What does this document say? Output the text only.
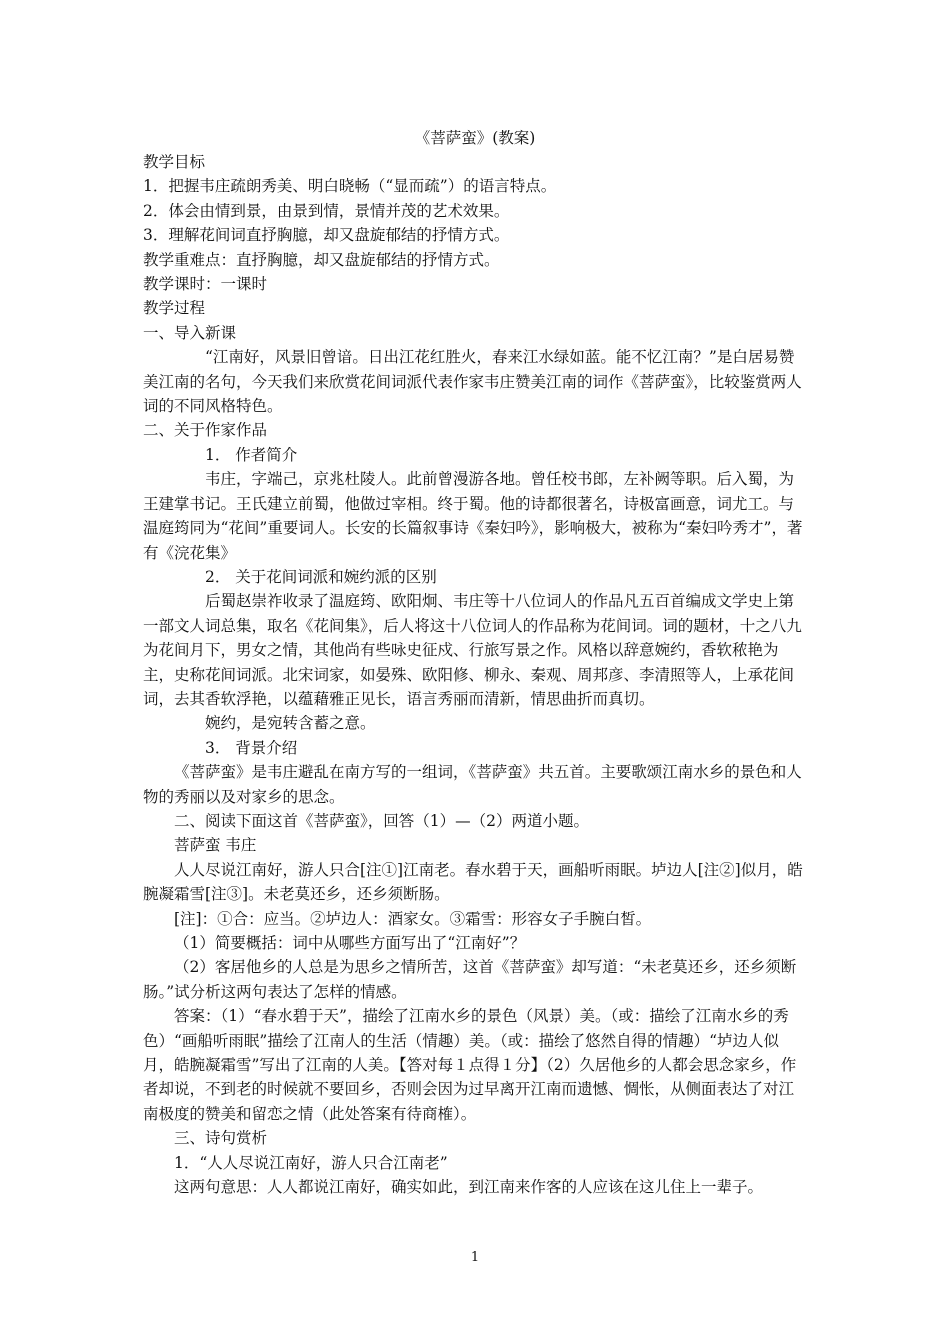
《菩萨蛮》(教案)

教学目标

1．把握韦庄疏朗秀美、明白晓畅（“显而疏”）的语言特点。

2．体会由情到景，由景到情，景情并茂的艺术效果。

3．理解花间词直抒胸臆，却又盘旋郁结的抒情方式。

教学重难点：直抒胸臆，却又盘旋郁结的抒情方式。

教学课时：一课时

教学过程

一、导入新课

“江南好，风景旧曾谙。日出江花红胜火，春来江水绿如蓝。能不忆江南？”是白居易赞美江南的名句，今天我们来欣赏花间词派代表作家韦庄赞美江南的词作《菩萨蛮》，比较鉴赏两人词的不同风格特色。

二、关于作家作品

1． 作者简介

韦庄，字端己，京兆杜陵人。此前曾漫游各地。曾任校书郎，左补阙等职。后入蜀，为王建掌书记。王氏建立前蜀，他做过宰相。终于蜀。他的诗都很著名，诗极富画意，词尤工。与温庭筠同为“花间”重要词人。长安的长篇叙事诗《秦妇吟》，影响极大，被称为“秦妇吟秀才”，著有《浣花集》

2． 关于花间词派和婉约派的区别

后蜀赵崇祚收录了温庭筠、欧阳炯、韦庄等十八位词人的作品凡五百首编成文学史上第一部文人词总集，取名《花间集》，后人将这十八位词人的作品称为花间词。词的题材，十之八九为花间月下，男女之情，其他尚有些咏史征戍、行旅写景之作。风格以辞意婉约，香软秾艳为主，史称花间词派。北宋词家，如晏殊、欧阳修、柳永、秦观、周邦彦、李清照等人，上承花间词，去其香软浮艳，以蕴藉雅正见长，语言秀丽而清新，情思曲折而真切。

婉约，是宛转含蓄之意。

3． 背景介绍

《菩萨蛮》是韦庄避乱在南方写的一组词，《菩萨蛮》共五首。主要歌颂江南水乡的景色和人物的秀丽以及对家乡的思念。

二、阅读下面这首《菩萨蛮》，回答（1）—（2）两道小题。

菩萨蛮 韦庄

人人尽说江南好，游人只合[注①]江南老。春水碧于天，画船听雨眠。垆边人[注②]似月，皓腕凝霜雪[注③]。未老莫还乡，还乡须断肠。

[注]：①合：应当。②垆边人：酒家女。③霜雪：形容女子手腕白皙。

（1）简要概括：词中从哪些方面写出了“江南好”？

（2）客居他乡的人总是为思乡之情所苦，这首《菩萨蛮》却写道：“未老莫还乡，还乡须断肠。”试分析这两句表达了怎样的情感。

答案：（1）“春水碧于天”，描绘了江南水乡的景色（风景）美。（或：描绘了江南水乡的秀色）“画船听雨眠”描绘了江南人的生活（情趣）美。（或：描绘了悠然自得的情趣）“垆边人似月，皓腕凝霜雪”写出了江南的人美。【答对每１点得１分】（2）久居他乡的人都会思念家乡，作者却说，不到老的时候就不要回乡，否则会因为过早离开江南而遗憾、惆怅，从侧面表达了对江南极度的赞美和留恋之情（此处答案有待商榷）。

三、诗句赏析

1．“人人尽说江南好，游人只合江南老”

这两句意思：人人都说江南好，确实如此，到江南来作客的人应该在这儿住上一辈子。

1
